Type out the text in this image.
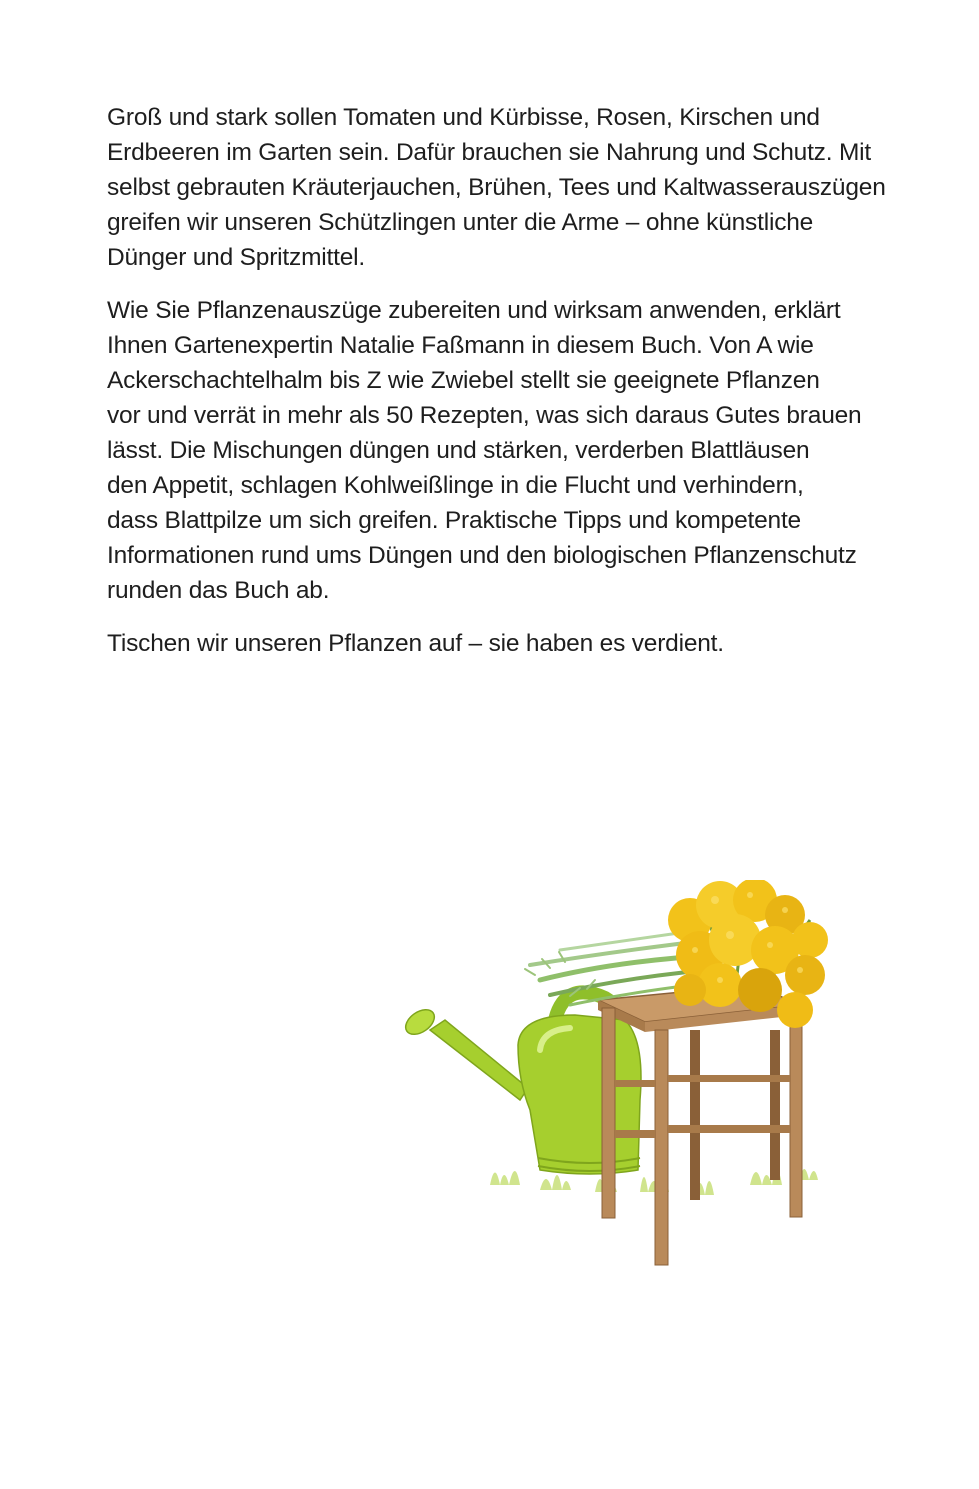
Groß und stark sollen Tomaten und Kürbisse, Rosen, Kirschen und
Erdbeeren im Garten sein. Dafür brauchen sie Nahrung und Schutz. Mit
selbst gebrauten Kräuterjauchen, Brühen, Tees und Kaltwasserauszügen
greifen wir unseren Schützlingen unter die Arme – ohne künstliche
Dünger und Spritzmittel.

Wie Sie Pflanzenauszüge zubereiten und wirksam anwenden, erklärt
Ihnen Gartenexpertin Natalie Faßmann in diesem Buch. Von A wie
Ackerschachtelhalm bis Z wie Zwiebel stellt sie geeignete Pflanzen
vor und verrät in mehr als 50 Rezepten, was sich daraus Gutes brauen
lässt. Die Mischungen düngen und stärken, verderben Blattläusen
den Appetit, schlagen Kohlweißlinge in die Flucht und verhindern,
dass Blattpilze um sich greifen. Praktische Tipps und kompetente
Informationen rund ums Düngen und den biologischen Pflanzenschutz
runden das Buch ab.

Tischen wir unseren Pflanzen auf – sie haben es verdient.
